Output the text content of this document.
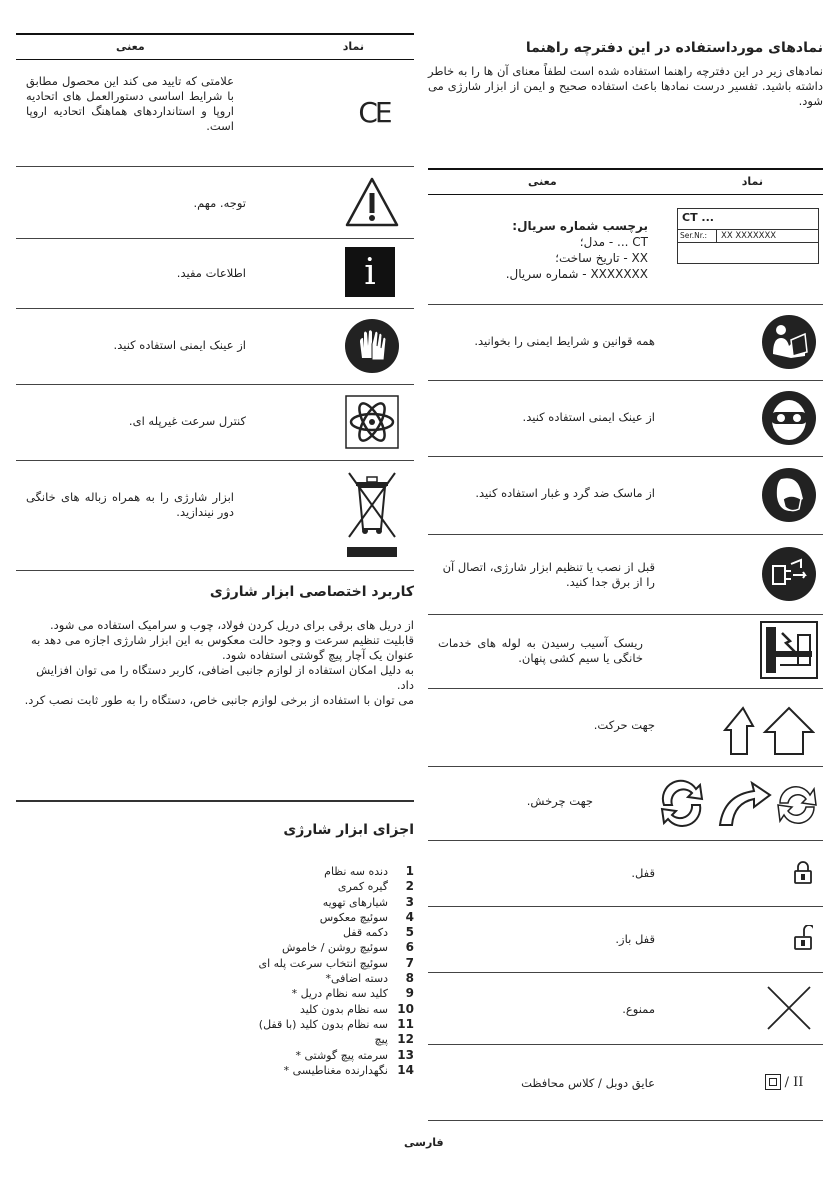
معنی	نماد
علامتی که تایید می کند این محصول مطابق با شرایط اساسی دستورالعمل های اتحادیه اروپا و استانداردهای هماهنگ اتحادیه اروپا است.	CE
توجه. مهم.
اطلاعات مفید.	i
از عینک ایمنی استفاده کنید.
کنترل سرعت غیرپله ای.
ابزار شارژی را به همراه زباله های خانگی دور نیندازید.
کاربرد اختصاصی ابزار شارژی
از دریل های برقی برای دریل کردن فولاد، چوب و سرامیک استفاده می شود.
قابلیت تنظیم سرعت و وجود حالت معکوس به این ابزار شارژی اجازه می دهد به عنوان یک آچار پیچ گوشتی استفاده شود.
به دلیل امکان استفاده از لوازم جانبی اضافی، کاربر دستگاه را می توان افزایش داد.
می توان با استفاده از برخی لوازم جانبی خاص، دستگاه را به طور ثابت نصب کرد.
اجزای ابزار شارژی
1دنده سه نظام
2گیره کمری
3شیارهای تهویه
4سوئیچ معکوس
5دکمه قفل
6سوئیچ روشن / خاموش
7سوئیچ انتخاب سرعت پله ای
8دسته اضافی*
9کلید سه نظام دریل *
10سه نظام بدون کلید
11سه نظام بدون کلید (با قفل)
12پیچ
13سرمته پیچ گوشتی *
14نگهدارنده مغناطیسی *
نمادهای مورداستفاده در این دفترچه راهنما
نمادهای زیر در این دفترچه راهنما استفاده شده است لطفاً معنای آن ها را به خاطر داشته باشید. تفسیر درست نمادها باعث استفاده صحیح و ایمن از ابزار شارژی می شود.
معنی	نماد
برچسب شماره سریال:
CT ... - مدل؛
XX - تاریخ ساخت؛
XXXXXXX - شماره سریال.
CT ...
Ser.Nr.:	XX XXXXXXX
همه قوانین و شرایط ایمنی را بخوانید.
از عینک ایمنی استفاده کنید.
از ماسک ضد گرد و غبار استفاده کنید.
قبل از نصب یا تنظیم ابزار شارژی، اتصال آن را از برق جدا کنید.
ریسک آسیب رسیدن به لوله های خدمات خانگی یا سیم کشی پنهان.
جهت حرکت.
جهت چرخش.
قفل.
قفل باز.
ممنوع.
عایق دوبل / کلاس محافظت	/ II
فارسی
